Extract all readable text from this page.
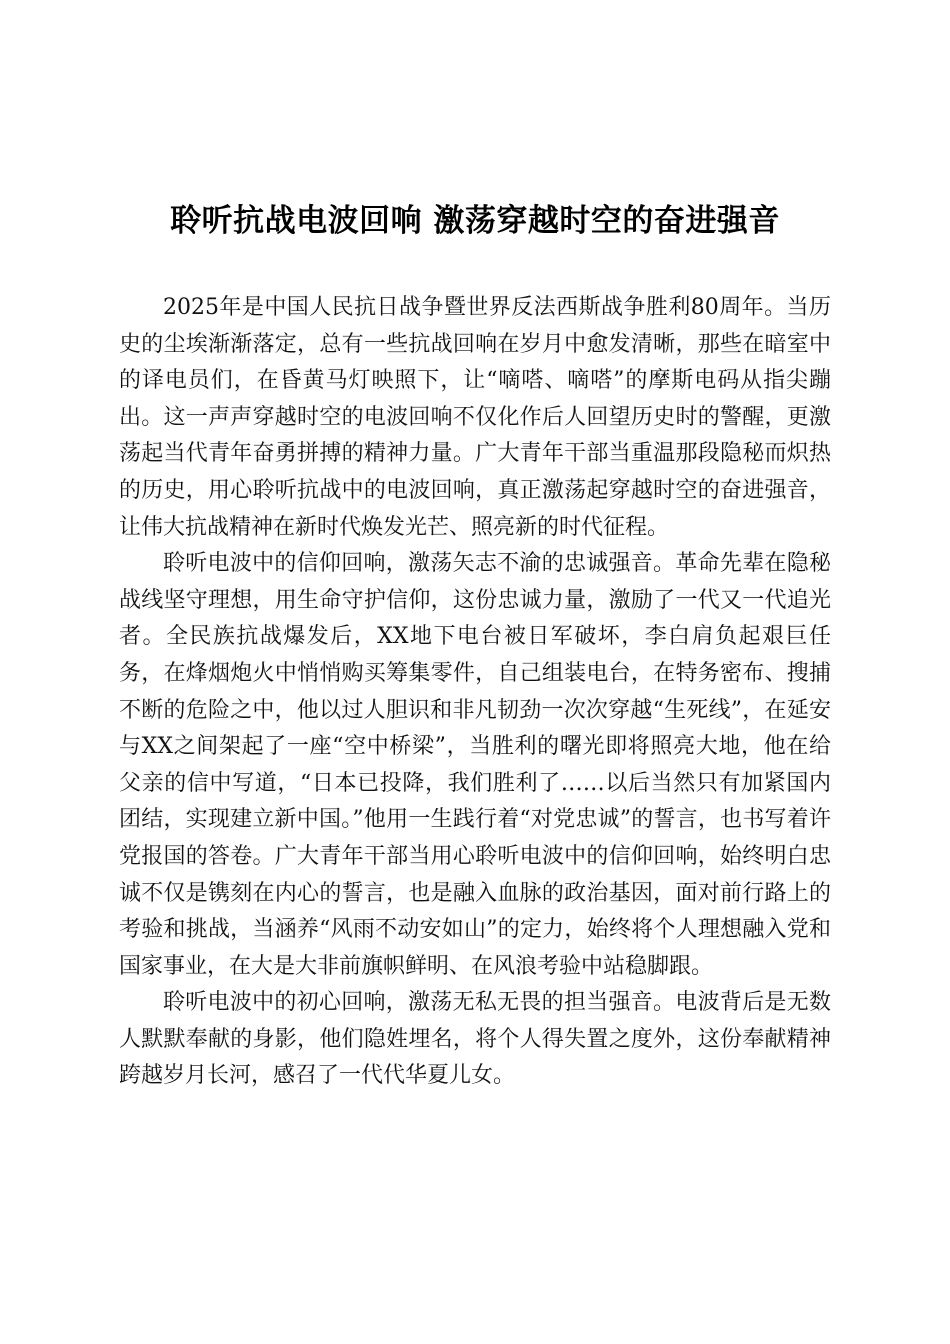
聆听抗战电波回响 激荡穿越时空的奋进强音

2025年是中国人民抗日战争暨世界反法西斯战争胜利80周年。当历史的尘埃渐渐落定，总有一些抗战回响在岁月中愈发清晰，那些在暗室中的译电员们，在昏黄马灯映照下，让“嘀嗒、嘀嗒”的摩斯电码从指尖蹦出。这一声声穿越时空的电波回响不仅化作后人回望历史时的警醒，更激荡起当代青年奋勇拼搏的精神力量。广大青年干部当重温那段隐秘而炽热的历史，用心聆听抗战中的电波回响，真正激荡起穿越时空的奋进强音，让伟大抗战精神在新时代焕发光芒、照亮新的时代征程。

聆听电波中的信仰回响，激荡矢志不渝的忠诚强音。革命先辈在隐秘战线坚守理想，用生命守护信仰，这份忠诚力量，激励了一代又一代追光者。全民族抗战爆发后，XX地下电台被日军破坏，李白肩负起艰巨任务，在烽烟炮火中悄悄购买筹集零件，自己组装电台，在特务密布、搜捕不断的危险之中，他以过人胆识和非凡韧劲一次次穿越“生死线”，在延安与XX之间架起了一座“空中桥梁”，当胜利的曙光即将照亮大地，他在给父亲的信中写道，“日本已投降，我们胜利了……以后当然只有加紧国内团结，实现建立新中国。”他用一生践行着“对党忠诚”的誓言，也书写着许党报国的答卷。广大青年干部当用心聆听电波中的信仰回响，始终明白忠诚不仅是镌刻在内心的誓言，也是融入血脉的政治基因，面对前行路上的考验和挑战，当涵养“风雨不动安如山”的定力，始终将个人理想融入党和国家事业，在大是大非前旗帜鲜明、在风浪考验中站稳脚跟。

聆听电波中的初心回响，激荡无私无畏的担当强音。电波背后是无数人默默奉献的身影，他们隐姓埋名，将个人得失置之度外，这份奉献精神跨越岁月长河，感召了一代代华夏儿女。
